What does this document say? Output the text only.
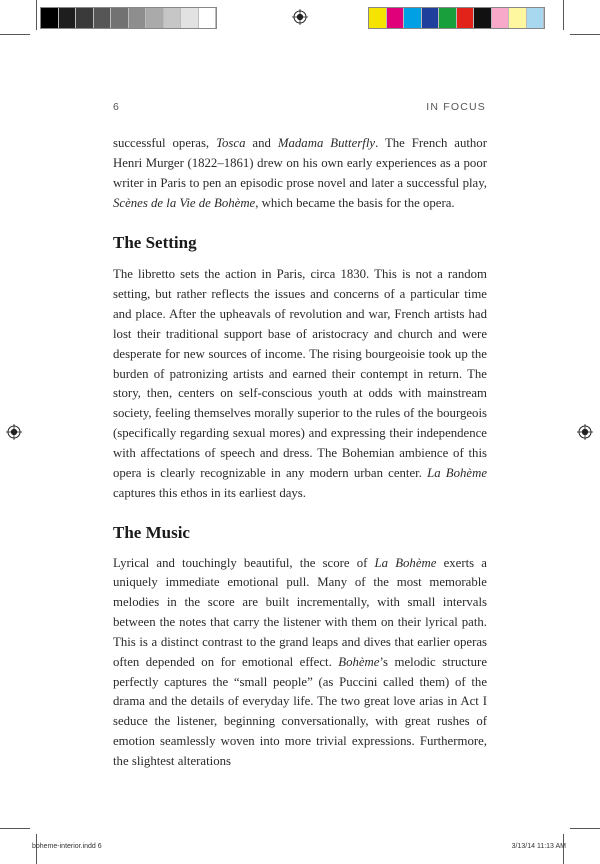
6	IN FOCUS

successful operas, Tosca and Madama Butterfly. The French author Henri Murger (1822–1861) drew on his own early experiences as a poor writer in Paris to pen an episodic prose novel and later a successful play, Scènes de la Vie de Bohème, which became the basis for the opera.

The Setting

The libretto sets the action in Paris, circa 1830. This is not a random setting, but rather reflects the issues and concerns of a particular time and place. After the upheavals of revolution and war, French artists had lost their traditional support base of aristocracy and church and were desperate for new sources of income. The rising bourgeoisie took up the burden of patronizing artists and earned their contempt in return. The story, then, centers on self-conscious youth at odds with mainstream society, feeling themselves morally superior to the rules of the bourgeois (specifically regarding sexual mores) and expressing their independence with affectations of speech and dress. The Bohemian ambience of this opera is clearly recognizable in any modern urban center. La Bohème captures this ethos in its earliest days.

The Music

Lyrical and touchingly beautiful, the score of La Bohème exerts a uniquely immediate emotional pull. Many of the most memorable melodies in the score are built incrementally, with small intervals between the notes that carry the listener with them on their lyrical path. This is a distinct contrast to the grand leaps and dives that earlier operas often depended on for emotional effect. Bohème’s melodic structure perfectly captures the “small people” (as Puccini called them) of the drama and the details of everyday life. The two great love arias in Act I seduce the listener, beginning conversationally, with great rushes of emotion seamlessly woven into more trivial expressions. Furthermore, the slightest alterations

boheme-interior.indd 6	3/13/14 11:13 AM
